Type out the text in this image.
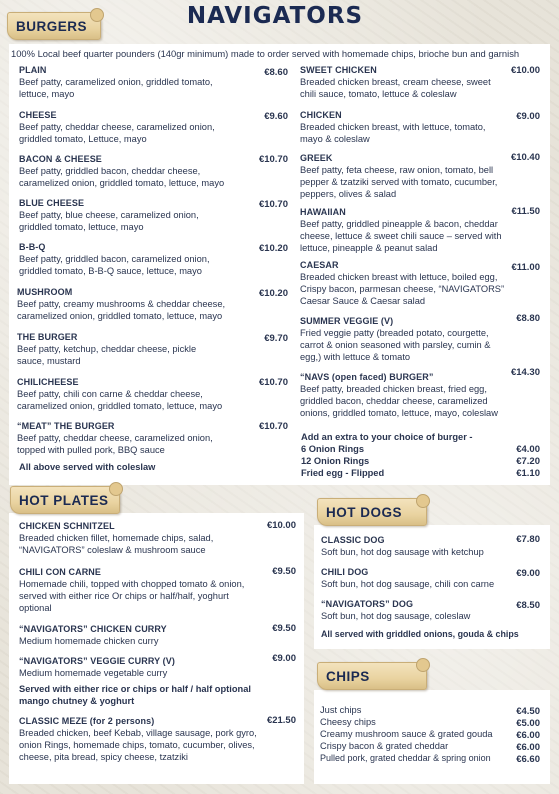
NAVIGATORS
BURGERS
HOT PLATES
HOT DOGS
CHIPS
100% Local beef quarter pounders (140gr minimum) made to order served with homemade chips, brioche bun and garnish
PLAIN
Beef patty, caramelized onion, griddled tomato, lettuce, mayo
€8.60
CHEESE
Beef patty, cheddar cheese, caramelized onion, griddled tomato, Lettuce, mayo
€9.60
BACON & CHEESE
Beef patty, griddled bacon, cheddar cheese, caramelized onion, griddled tomato, lettuce, mayo
€10.70
BLUE CHEESE
Beef patty, blue cheese, caramelized onion, griddled tomato, lettuce, mayo
€10.70
B-B-Q
Beef patty, griddled bacon, caramelized onion, griddled tomato, B-B-Q sauce, lettuce, mayo
€10.20
MUSHROOM
Beef patty, creamy mushrooms & cheddar cheese, caramelized onion, griddled tomato, lettuce, mayo
€10.20
THE BURGER
Beef patty, ketchup, cheddar cheese, pickle sauce, mustard
€9.70
CHILICHEESE
Beef patty, chili con carne & cheddar cheese, caramelized onion, griddled tomato, lettuce, mayo
€10.70
“MEAT” THE BURGER
Beef patty, cheddar cheese, caramelized onion, topped with pulled pork, BBQ sauce
€10.70
All above served with coleslaw
SWEET CHICKEN
Breaded chicken breast, cream cheese, sweet chili sauce, tomato, lettuce & coleslaw
€10.00
CHICKEN
Breaded chicken breast, with lettuce, tomato, mayo & coleslaw
€9.00
GREEK
Beef patty, feta cheese, raw onion, tomato, bell pepper & tzatziki served with tomato, cucumber, peppers, olives & salad
€10.40
HAWAIIAN
Beef patty, griddled pineapple & bacon, cheddar cheese, lettuce & sweet chili sauce – served with lettuce, pineapple & peanut salad
€11.50
CAESAR
Breaded chicken breast with lettuce, boiled egg, Crispy bacon, parmesan cheese, “NAVIGATORS” Caesar Sauce & Caesar salad
€11.00
SUMMER VEGGIE (V)
Fried veggie patty (breaded potato, courgette, carrot & onion seasoned with parsley, cumin & egg,) with lettuce & tomato
€8.80
“NAVS (open faced) BURGER”
Beef patty, breaded chicken breast, fried egg, griddled bacon, cheddar cheese, caramelized onions, griddled tomato, lettuce, mayo, coleslaw
€14.30
Add an extra to your choice of burger -
6 Onion Rings	€4.00
12 Onion Rings	€7.20
Fried egg - Flipped	€1.10
CHICKEN SCHNITZEL
Breaded chicken fillet, homemade chips, salad, “NAVIGATORS” coleslaw & mushroom sauce
€10.00
CHILI CON CARNE
Homemade chili, topped with chopped tomato & onion, served with either rice Or chips or half/half, yoghurt optional
€9.50
“NAVIGATORS” CHICKEN CURRY
Medium homemade chicken curry
€9.50
“NAVIGATORS” VEGGIE CURRY (V)
Medium homemade vegetable curry
€9.00
Served with either rice or chips or half / half optional mango chutney & yoghurt
CLASSIC MEZE (for 2 persons)
Breaded chicken, beef Kebab, village sausage, pork gyro, onion Rings, homemade chips, tomato, cucumber, olives, cheese, pita bread, spicy cheese, tzatziki
€21.50
CLASSIC DOG
Soft bun, hot dog sausage with ketchup
€7.80
CHILI DOG
Soft bun, hot dog sausage, chili con carne
€9.00
“NAVIGATORS” DOG
Soft bun, hot dog sausage, coleslaw
€8.50
All served with griddled onions, gouda & chips
Just chips	€4.50
Cheesy chips	€5.00
Creamy mushroom sauce & grated gouda	€6.00
Crispy bacon & grated cheddar	€6.00
Pulled pork, grated cheddar & spring onion	€6.60
